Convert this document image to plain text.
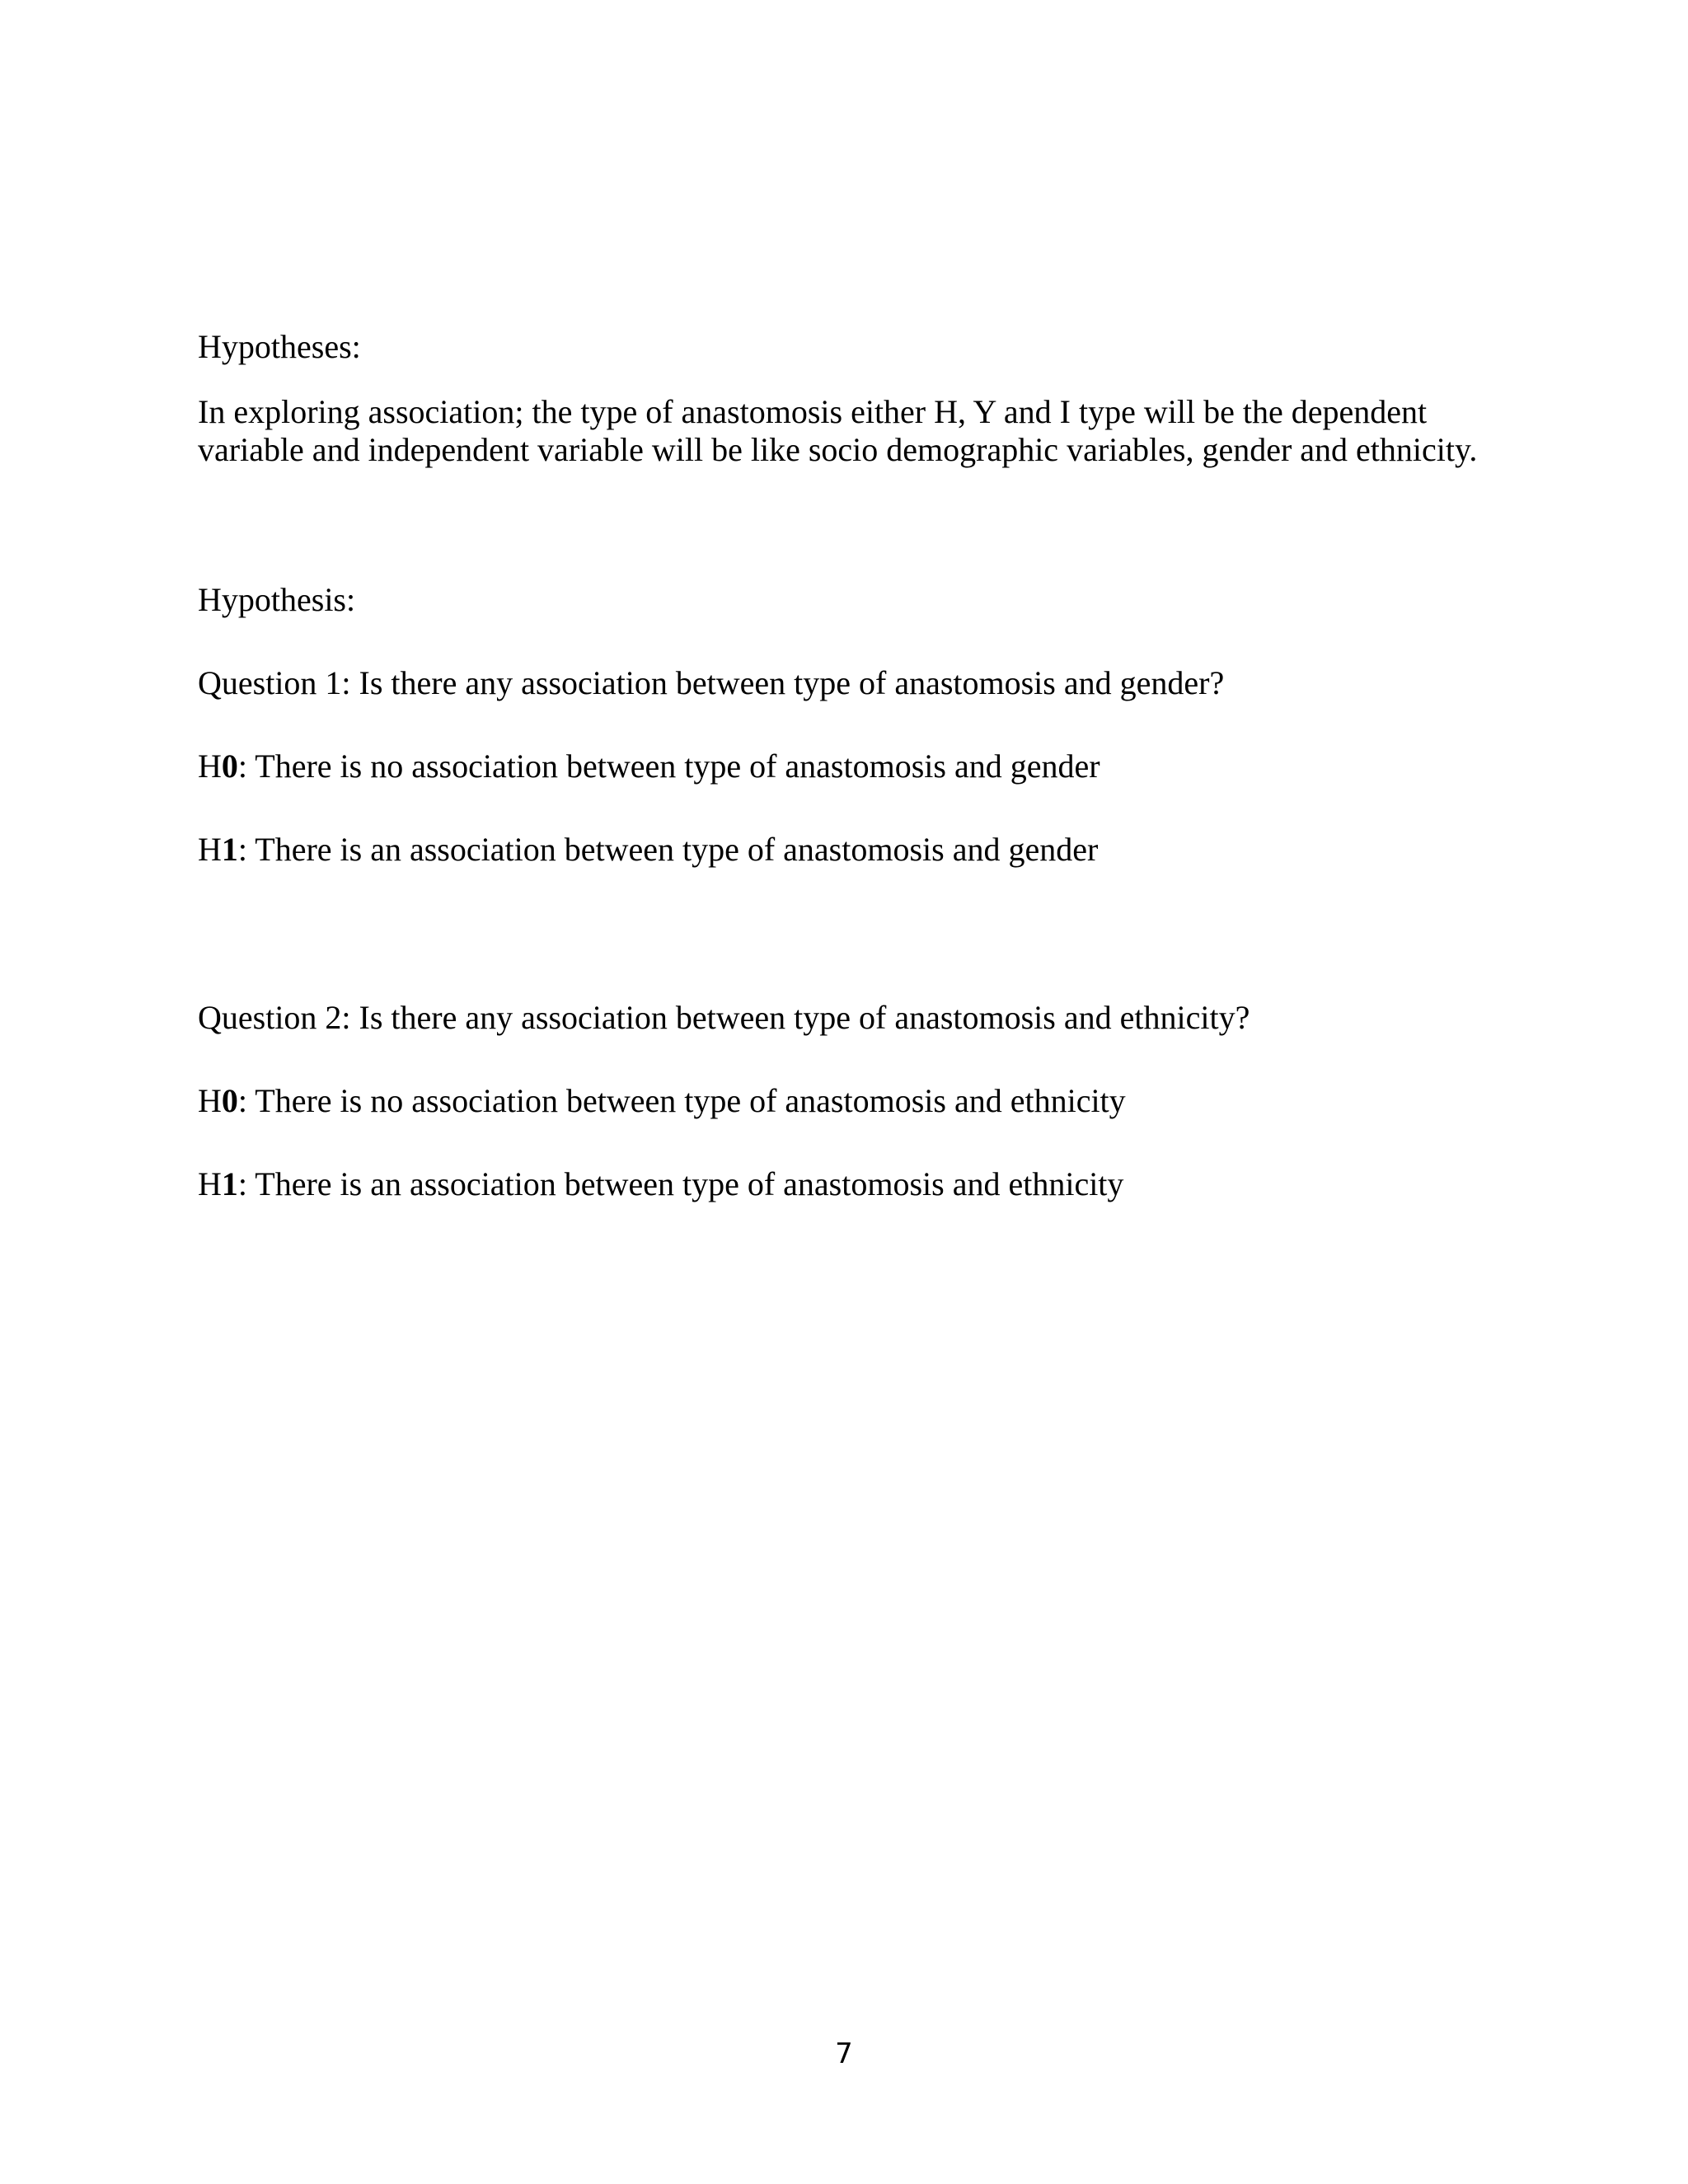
Hypotheses:
In exploring association; the type of anastomosis either H, Y and I type will be the dependent
variable and independent variable will be like socio demographic variables, gender and ethnicity.
Hypothesis:
Question 1: Is there any association between type of anastomosis and gender?
H0: There is no association between type of anastomosis and gender
H1: There is an association between type of anastomosis and gender
Question 2: Is there any association between type of anastomosis and ethnicity?
H0: There is no association between type of anastomosis and ethnicity
H1: There is an association between type of anastomosis and ethnicity
7
